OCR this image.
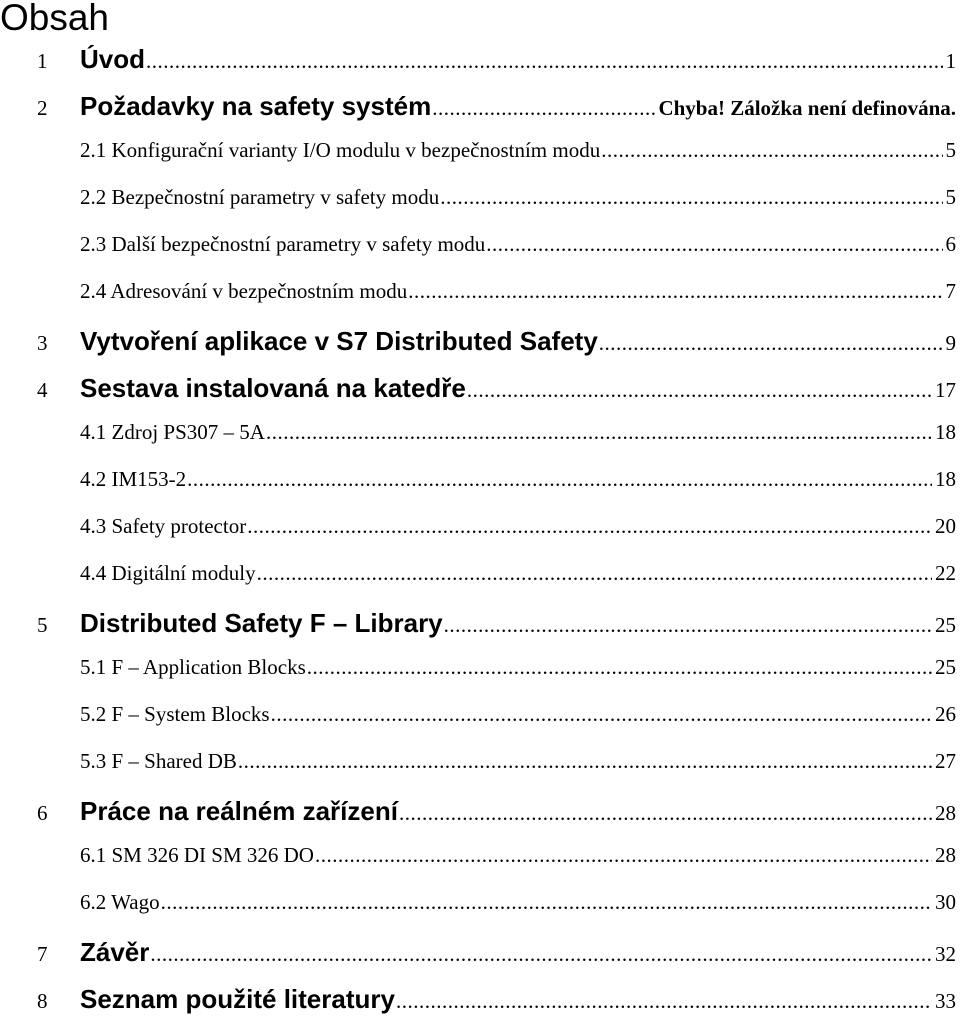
Obsah
1	Úvod .....	1
2	Požadavky na safety systém .....	Chyba! Záložka není definována.
2.1 Konfigurační varianty I/O modulu v bezpečnostním modu .....	5
2.2 Bezpečnostní parametry v safety modu .....	5
2.3 Další bezpečnostní parametry v safety modu .....	6
2.4 Adresování v bezpečnostním modu .....	7
3	Vytvoření aplikace v S7 Distributed Safety .....	9
4	Sestava instalovaná na katedře .....	17
4.1 Zdroj PS307 – 5A .....	18
4.2 IM153-2 .....	18
4.3 Safety protector .....	20
4.4 Digitální moduly .....	22
5	Distributed Safety F – Library .....	25
5.1 F – Application Blocks .....	25
5.2 F – System Blocks .....	26
5.3 F – Shared DB .....	27
6	Práce na reálném zařízení .....	28
6.1 SM 326 DI SM 326 DO .....	28
6.2 Wago .....	30
7	Závěr .....	32
8	Seznam použité literatury .....	33
